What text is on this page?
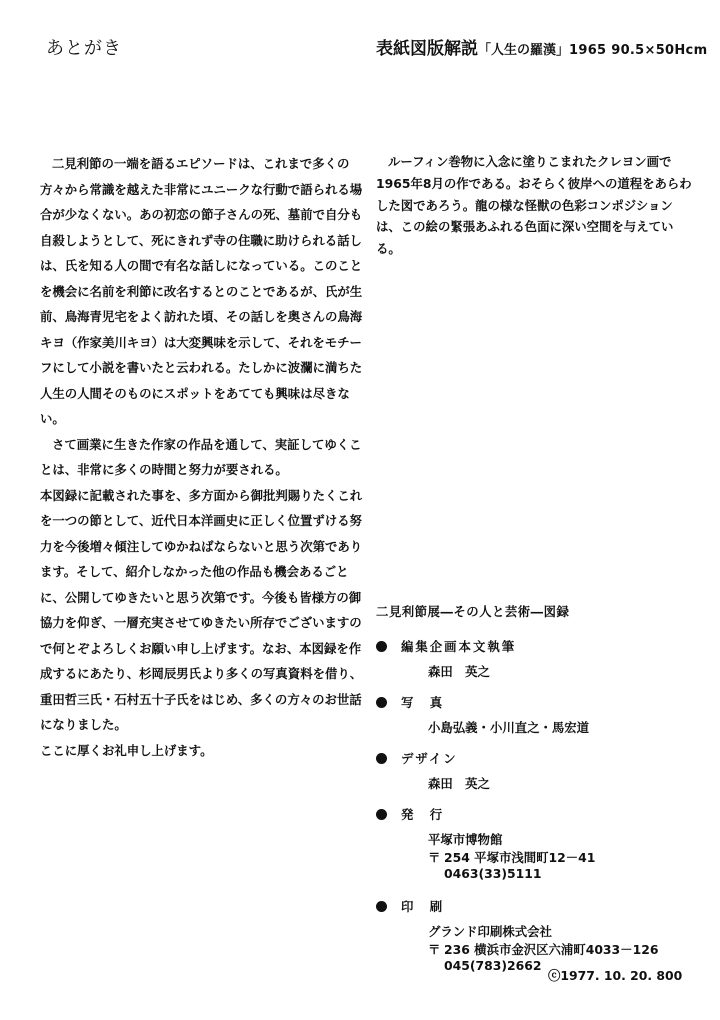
あとがき	表紙図版解説「人生の羅漢」1965 90.5×50Hcm

二見利節の一端を語るエピソードは、これまで多くの方々から常識を越えた非常にユニークな行動で語られる場合が少なくない。あの初恋の節子さんの死、墓前で自分も自殺しようとして、死にきれず寺の住職に助けられる話しは、氏を知る人の間で有名な話しになっている。このことを機会に名前を利節に改名するとのことであるが、氏が生前、鳥海青児宅をよく訪れた頃、その話しを奥さんの鳥海キヨ（作家美川キヨ）は大変興味を示して、それをモチーフにして小説を書いたと云われる。たしかに波瀾に満ちた人生の人間そのものにスポットをあてても興味は尽きない。

さて画業に生きた作家の作品を通して、実証してゆくことは、非常に多くの時間と努力が要される。

本図録に記載された事を、多方面から御批判賜りたくこれを一つの節として、近代日本洋画史に正しく位置ずける努力を今後増々傾注してゆかねばならないと思う次第であります。そして、紹介しなかった他の作品も機会あるごとに、公開してゆきたいと思う次第です。今後も皆様方の御協力を仰ぎ、一層充実させてゆきたい所存でございますので何とぞよろしくお願い申し上げます。なお、本図録を作成するにあたり、杉岡辰男氏より多くの写真資料を借り、重田哲三氏・石村五十子氏をはじめ、多くの方々のお世話になりました。

ここに厚くお礼申し上げます。

ルーフィン巻物に入念に塗りこまれたクレヨン画で1965年8月の作である。おそらく彼岸への道程をあらわした図であろう。龍の様な怪獣の色彩コンポジションは、この絵の緊張あふれる色面に深い空間を与えている。

二見利節展―その人と芸術―図録
編集企画本文執筆
森田　英之
写　真
小島弘義・小川直之・馬宏道
デザイン
森田　英之
発　行
平塚市博物館
〒 254 平塚市浅間町12－41
0463(33)5111
印　刷
グランド印刷株式会社
〒 236 横浜市金沢区六浦町4033－126
045(783)2662
ⓒ1977. 10. 20. 800
